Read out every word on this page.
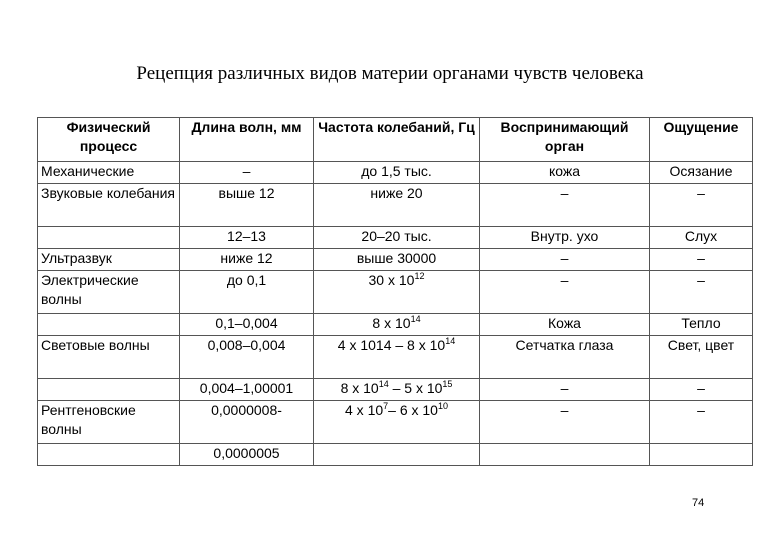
Рецепция различных видов материи органами чувств человека
Физический процесс	Длина волн, мм	Частота колебаний, Гц	Воспринимающий орган	Ощущение
Механические	–	до 1,5 тыс.	кожа	Осязание
Звуковые колебания	выше 12	ниже 20	–	–
	12–13	20–20 тыс.	Внутр. ухо	Слух
Ультразвук	ниже 12	выше 30000	–	–
Электрические волны	до 0,1	30 х $10^{12}$	–	–
	0,1–0,004	8 х $10^{14}$	Кожа	Тепло
Световые волны	0,008–0,004	4 х 1014 – 8 х $10^{14}$	Сетчатка глаза	Свет, цвет
	0,004–1,00001	8 х $10^{14} - 5$ х $10^{15}$	–	–
Рентгеновские волны	0,0000008-	4 х $10^7-$ 6 х $10^{10}$	–	–
	0,0000005			
74
